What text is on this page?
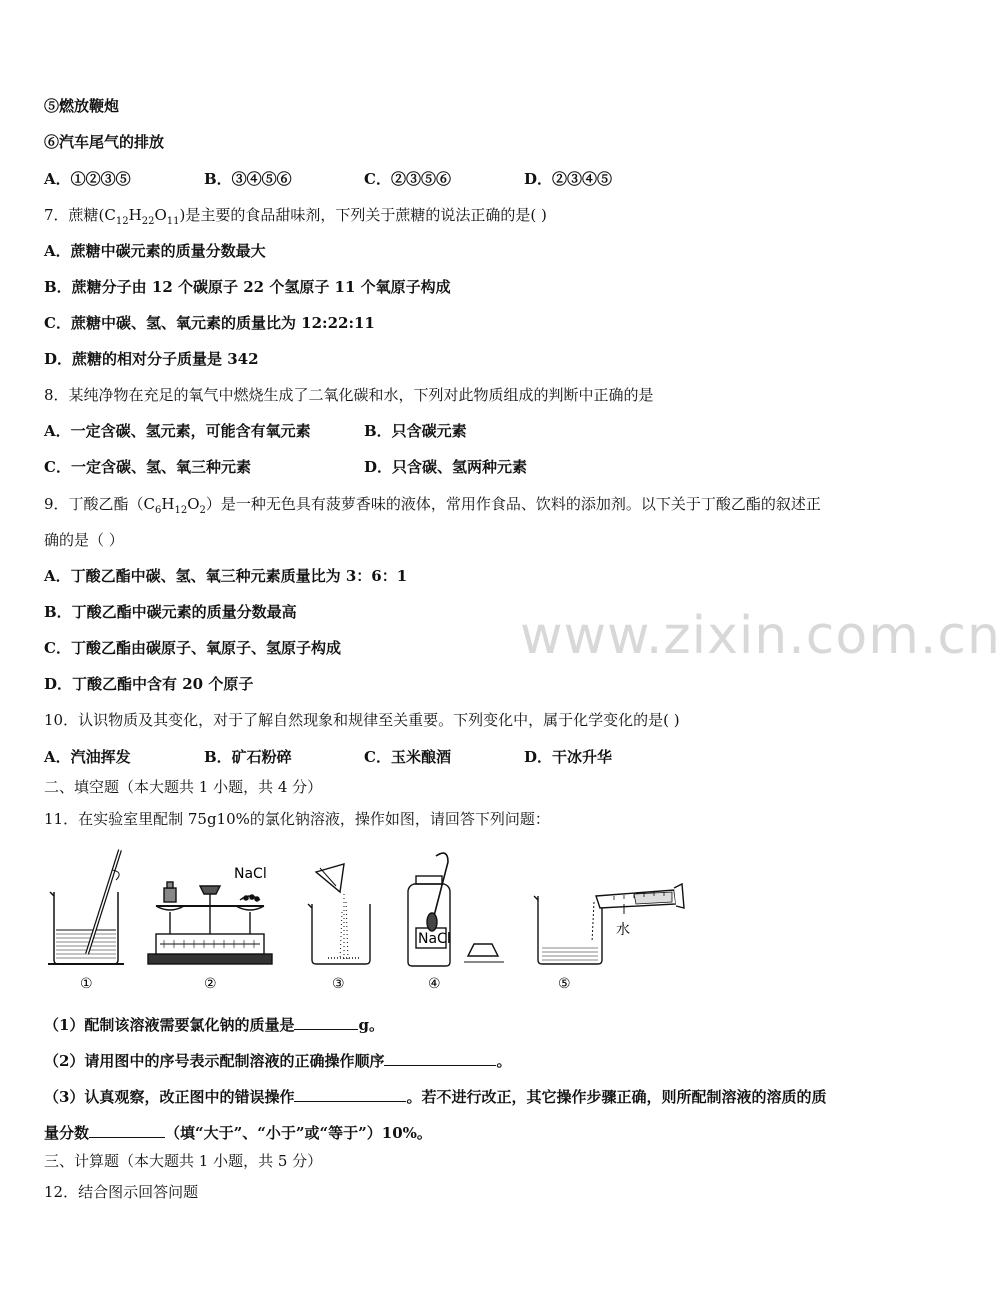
www.zixin.com.cn
⑤燃放鞭炮
⑥汽车尾气的排放
A．①②③⑤	B．③④⑤⑥	C．②③⑤⑥	D．②③④⑤
7．蔗糖$(C_{12}H_{22}O_{11})$是主要的食品甜味剂，下列关于蔗糖的说法正确的是( )
A．蔗糖中碳元素的质量分数最大
B．蔗糖分子由 12 个碳原子 22 个氢原子 11 个氧原子构成
C．蔗糖中碳、氢、氧元素的质量比为 12:22:11
D．蔗糖的相对分子质量是 342
8．某纯净物在充足的氧气中燃烧生成了二氧化碳和水，下列对此物质组成的判断中正确的是
A．一定含碳、氢元素，可能含有氧元素	B．只含碳元素
C．一定含碳、氢、氧三种元素	D．只含碳、氢两种元素
9．丁酸乙酯$(C_6H_{12}O_2)$是一种无色具有菠萝香味的液体，常用作食品、饮料的添加剂。以下关于丁酸乙酯的叙述正
确的是（ ）
A．丁酸乙酯中碳、氢、氧三种元素质量比为 3：6：1
B．丁酸乙酯中碳元素的质量分数最高
C．丁酸乙酯由碳原子、氧原子、氢原子构成
D．丁酸乙酯中含有 20 个原子
10．认识物质及其变化，对于了解自然现象和规律至关重要。下列变化中，属于化学变化的是( )
A．汽油挥发	B．矿石粉碎	C．玉米酿酒	D．干冰升华
二、填空题（本大题共 1 小题，共 4 分）
11．在实验室里配制 75g10%的氯化钠溶液，操作如图，请回答下列问题：
NaCl
NaCl
水
①	②	③	④	⑤
（1）配制该溶液需要氯化钠的质量是	g。
（2）请用图中的序号表示配制溶液的正确操作顺序	。
（3）认真观察，改正图中的错误操作	。若不进行改正，其它操作步骤正确，则所配制溶液的溶质的质
量分数	（填“大于”、“小于”或“等于”）10%。
三、计算题（本大题共 1 小题，共 5 分）
12．结合图示回答问题
